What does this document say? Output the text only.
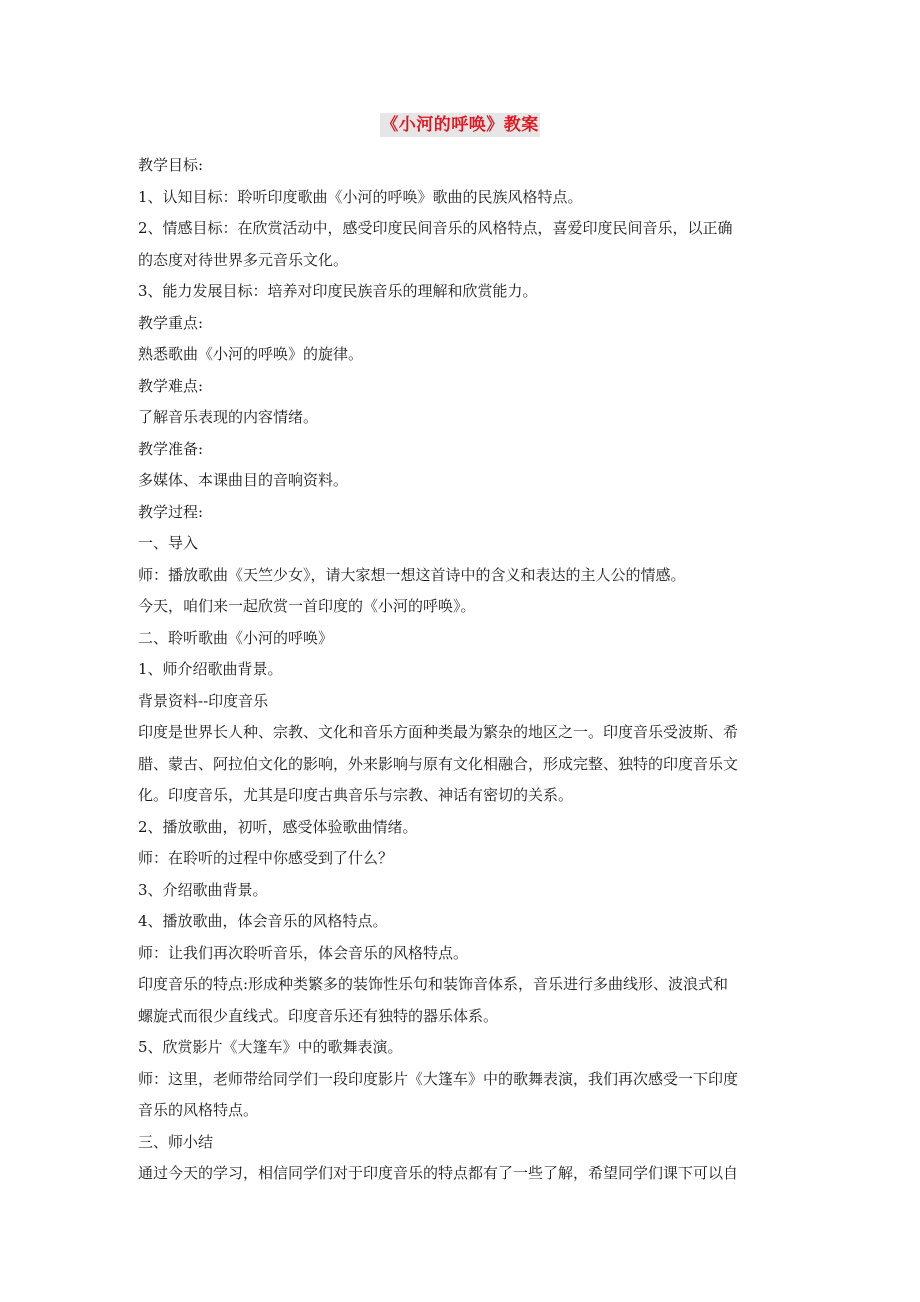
《小河的呼唤》教案
教学目标:
1、认知目标：聆听印度歌曲《小河的呼唤》歌曲的民族风格特点。
2、情感目标：在欣赏活动中，感受印度民间音乐的风格特点，喜爱印度民间音乐，以正确
的态度对待世界多元音乐文化。
3、能力发展目标：培养对印度民族音乐的理解和欣赏能力。
教学重点:
熟悉歌曲《小河的呼唤》的旋律。
教学难点:
了解音乐表现的内容情绪。
教学准备:
多媒体、本课曲目的音响资料。
教学过程:
一、导入
师：播放歌曲《天竺少女》，请大家想一想这首诗中的含义和表达的主人公的情感。
今天，咱们来一起欣赏一首印度的《小河的呼唤》。
二、聆听歌曲《小河的呼唤》
1、师介绍歌曲背景。
背景资料--印度音乐
印度是世界长人种、宗教、文化和音乐方面种类最为繁杂的地区之一。印度音乐受波斯、希
腊、蒙古、阿拉伯文化的影响，外来影响与原有文化相融合，形成完整、独特的印度音乐文
化。印度音乐，尤其是印度古典音乐与宗教、神话有密切的关系。
2、播放歌曲，初听，感受体验歌曲情绪。
师：在聆听的过程中你感受到了什么？
3、介绍歌曲背景。
4、播放歌曲，体会音乐的风格特点。
师：让我们再次聆听音乐，体会音乐的风格特点。
印度音乐的特点:形成种类繁多的装饰性乐句和装饰音体系，音乐进行多曲线形、波浪式和
螺旋式而很少直线式。印度音乐还有独特的器乐体系。
5、欣赏影片《大篷车》中的歌舞表演。
师：这里，老师带给同学们一段印度影片《大篷车》中的歌舞表演，我们再次感受一下印度
音乐的风格特点。
三、师小结
通过今天的学习，相信同学们对于印度音乐的特点都有了一些了解，希望同学们课下可以自
